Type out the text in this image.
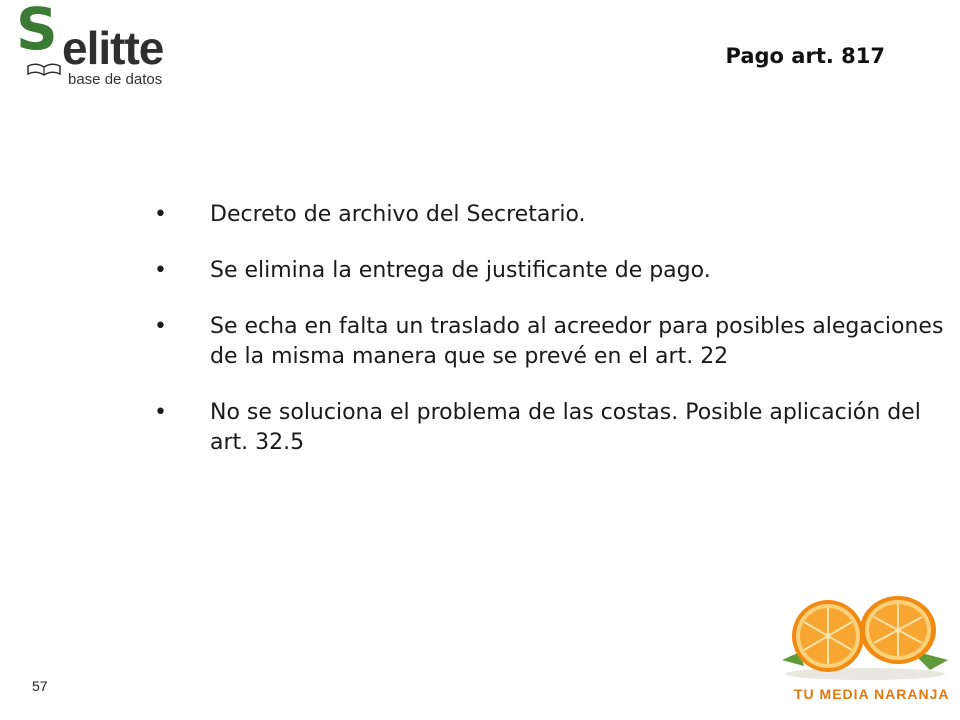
S elitte
base de datos
Pago art. 817
• Decreto de archivo del Secretario.
• Se elimina la entrega de justificante de pago.
• Se echa en falta un traslado al acreedor para posibles alegaciones de la misma manera que se prevé en el art. 22
• No se soluciona el problema de las costas. Posible aplicación del art. 32.5
57	TU MEDIA NARANJA
